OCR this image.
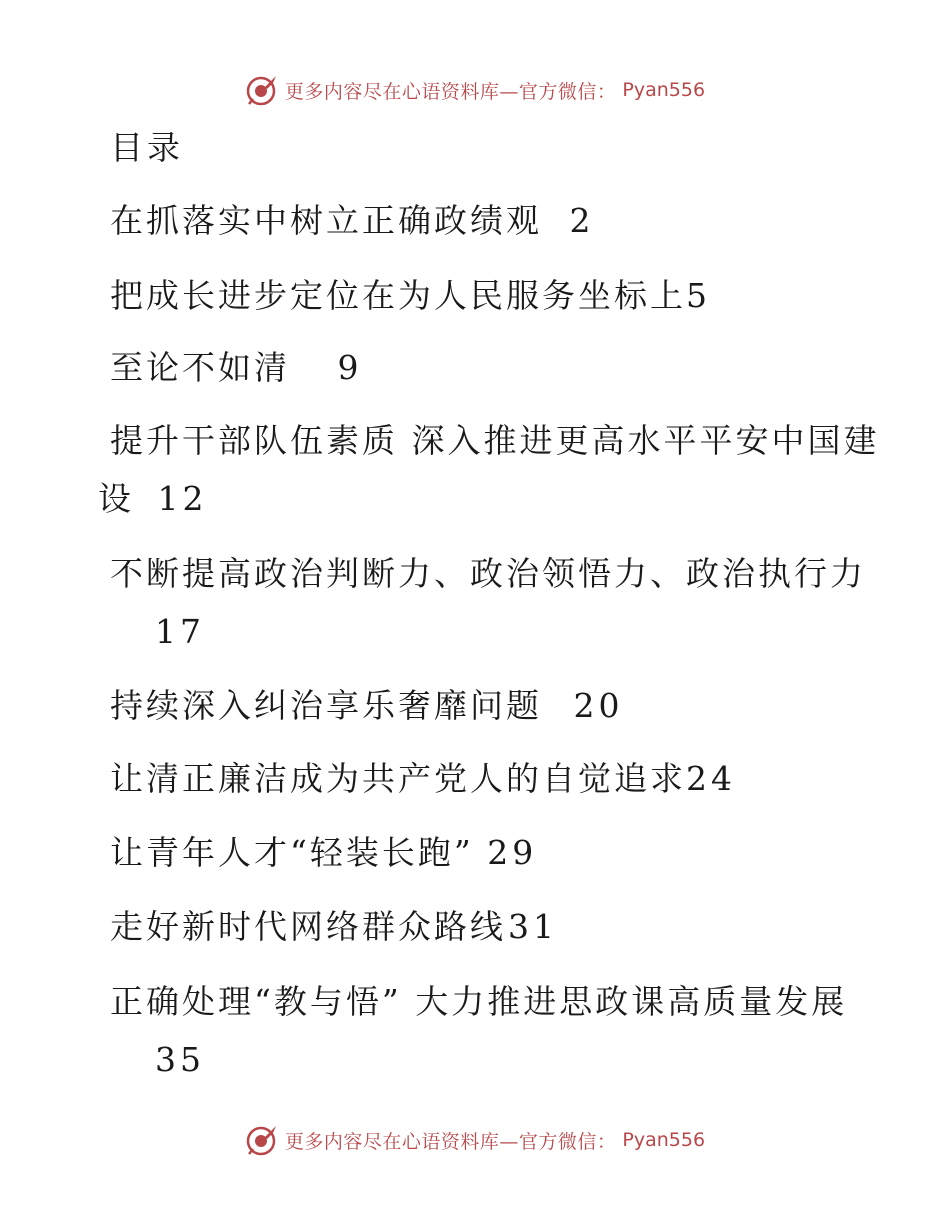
更多内容尽在心语资料库—官方微信： Pyan556
目录
在抓落实中树立正确政绩观 2
把成长进步定位在为人民服务坐标上5
至论不如清 9
提升干部队伍素质 深入推进更高水平平安中国建
设 12
不断提高政治判断力、政治领悟力、政治执行力
17
持续深入纠治享乐奢靡问题 20
让清正廉洁成为共产党人的自觉追求24
让青年人才“轻装长跑” 29
走好新时代网络群众路线31
正确处理“教与悟” 大力推进思政课高质量发展
35
更多内容尽在心语资料库—官方微信： Pyan556
